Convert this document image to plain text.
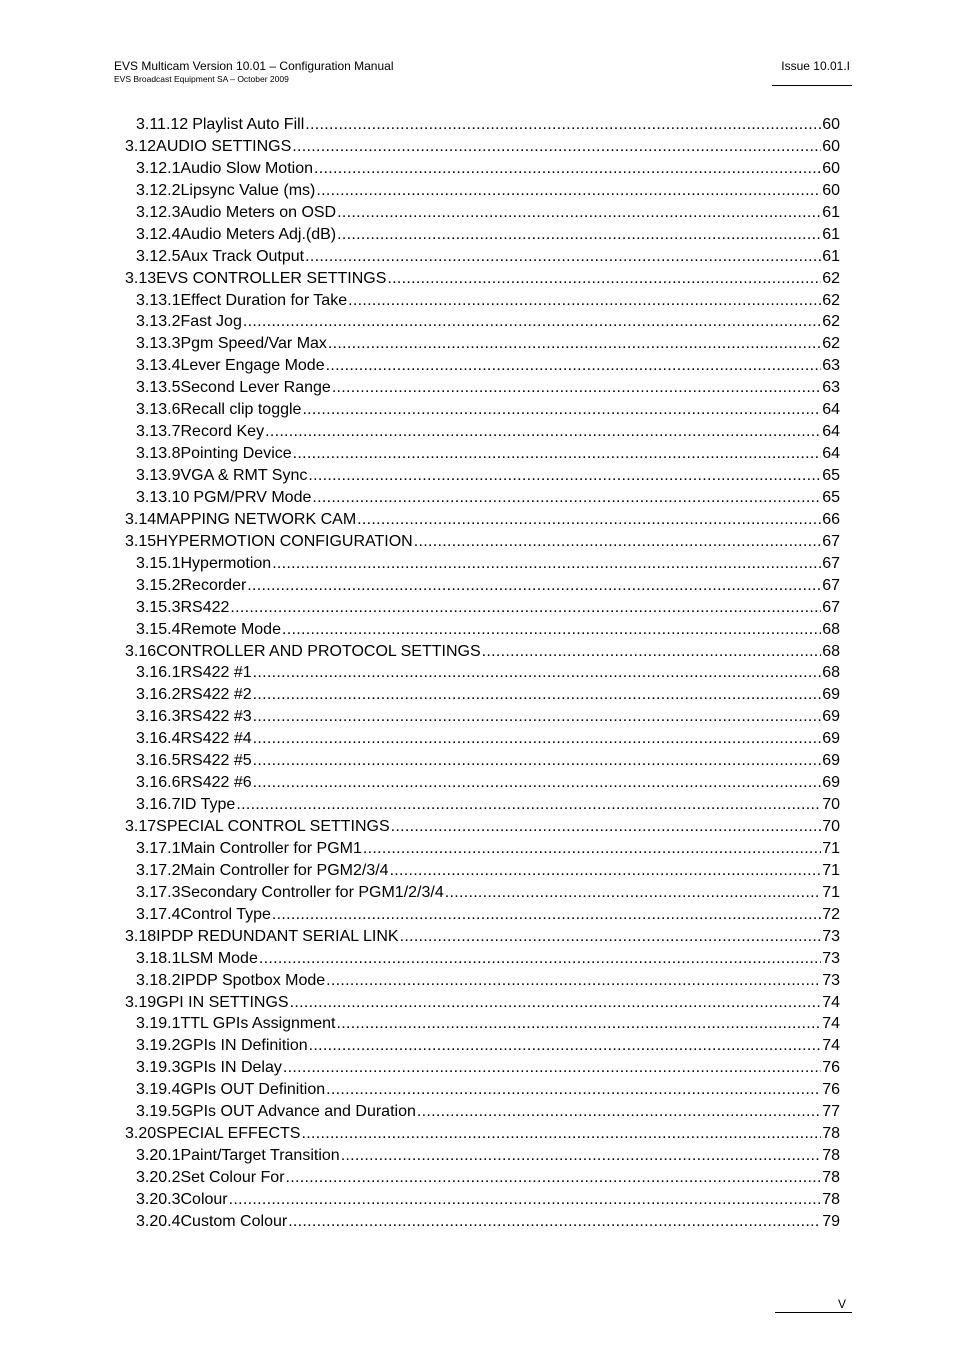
EVS Multicam Version 10.01 – Configuration Manual
EVS Broadcast Equipment SA – October 2009
Issue 10.01.I
3.11.12 Playlist Auto Fill .....	60
3.12 AUDIO SETTINGS .....	60
3.12.1 Audio Slow Motion .....	60
3.12.2 Lipsync Value (ms) .....	60
3.12.3 Audio Meters on OSD .....	61
3.12.4 Audio Meters Adj.(dB) .....	61
3.12.5 Aux Track Output .....	61
3.13 EVS CONTROLLER SETTINGS .....	62
3.13.1 Effect Duration for Take .....	62
3.13.2 Fast Jog .....	62
3.13.3 Pgm Speed/Var Max .....	62
3.13.4 Lever Engage Mode .....	63
3.13.5 Second Lever Range .....	63
3.13.6 Recall clip toggle .....	64
3.13.7 Record Key .....	64
3.13.8 Pointing Device .....	64
3.13.9 VGA & RMT Sync .....	65
3.13.10 PGM/PRV Mode .....	65
3.14 MAPPING NETWORK CAM .....	66
3.15 HYPERMOTION CONFIGURATION .....	67
3.15.1 Hypermotion .....	67
3.15.2 Recorder .....	67
3.15.3 RS422 .....	67
3.15.4 Remote Mode .....	68
3.16 CONTROLLER AND PROTOCOL SETTINGS .....	68
3.16.1 RS422 #1 .....	68
3.16.2 RS422 #2 .....	69
3.16.3 RS422 #3 .....	69
3.16.4 RS422 #4 .....	69
3.16.5 RS422 #5 .....	69
3.16.6 RS422 #6 .....	69
3.16.7 ID Type .....	70
3.17 SPECIAL CONTROL SETTINGS .....	70
3.17.1 Main Controller for PGM1 .....	71
3.17.2 Main Controller for PGM2/3/4 .....	71
3.17.3 Secondary Controller for PGM1/2/3/4 .....	71
3.17.4 Control Type .....	72
3.18 IPDP REDUNDANT SERIAL LINK .....	73
3.18.1 LSM Mode .....	73
3.18.2 IPDP Spotbox Mode .....	73
3.19 GPI IN SETTINGS .....	74
3.19.1 TTL GPIs Assignment .....	74
3.19.2 GPIs IN Definition .....	74
3.19.3 GPIs IN Delay .....	76
3.19.4 GPIs OUT Definition .....	76
3.19.5 GPIs OUT Advance and Duration .....	77
3.20 SPECIAL EFFECTS .....	78
3.20.1 Paint/Target Transition .....	78
3.20.2 Set Colour For .....	78
3.20.3 Colour .....	78
3.20.4 Custom Colour .....	79
V
